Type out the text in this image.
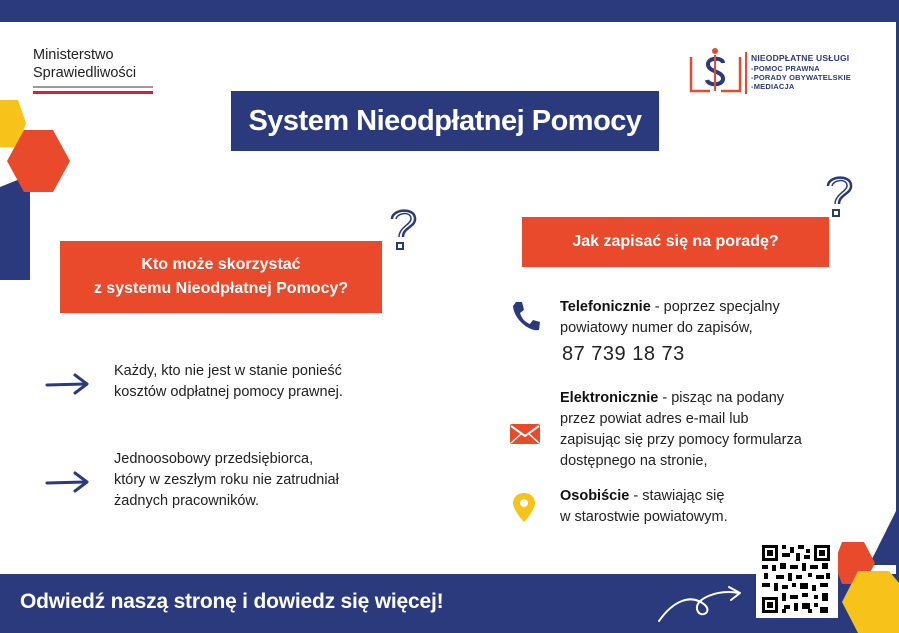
Ministerstwo
Sprawiedliwości
NIEODPŁATNE USŁUGI
-POMOC PRAWNA
-PORADY OBYWATELSKIE
-MEDIACJA
System Nieodpłatnej Pomocy
Kto może skorzystać
z systemu Nieodpłatnej Pomocy?
Każdy, kto nie jest w stanie ponieść
kosztów odpłatnej pomocy prawnej.
Jednoosobowy przedsiębiorca,
który w zeszłym roku nie zatrudniał
żadnych pracowników.
Jak zapisać się na poradę?
Telefonicznie - poprzez specjalny
powiatowy numer do zapisów,
87 739 18 73
Elektronicznie - pisząc na podany
przez powiat adres e-mail lub
zapisując się przy pomocy formularza
dostępnego na stronie,
Osobiście - stawiając się
w starostwie powiatowym.
Odwiedź naszą stronę i dowiedz się więcej!
